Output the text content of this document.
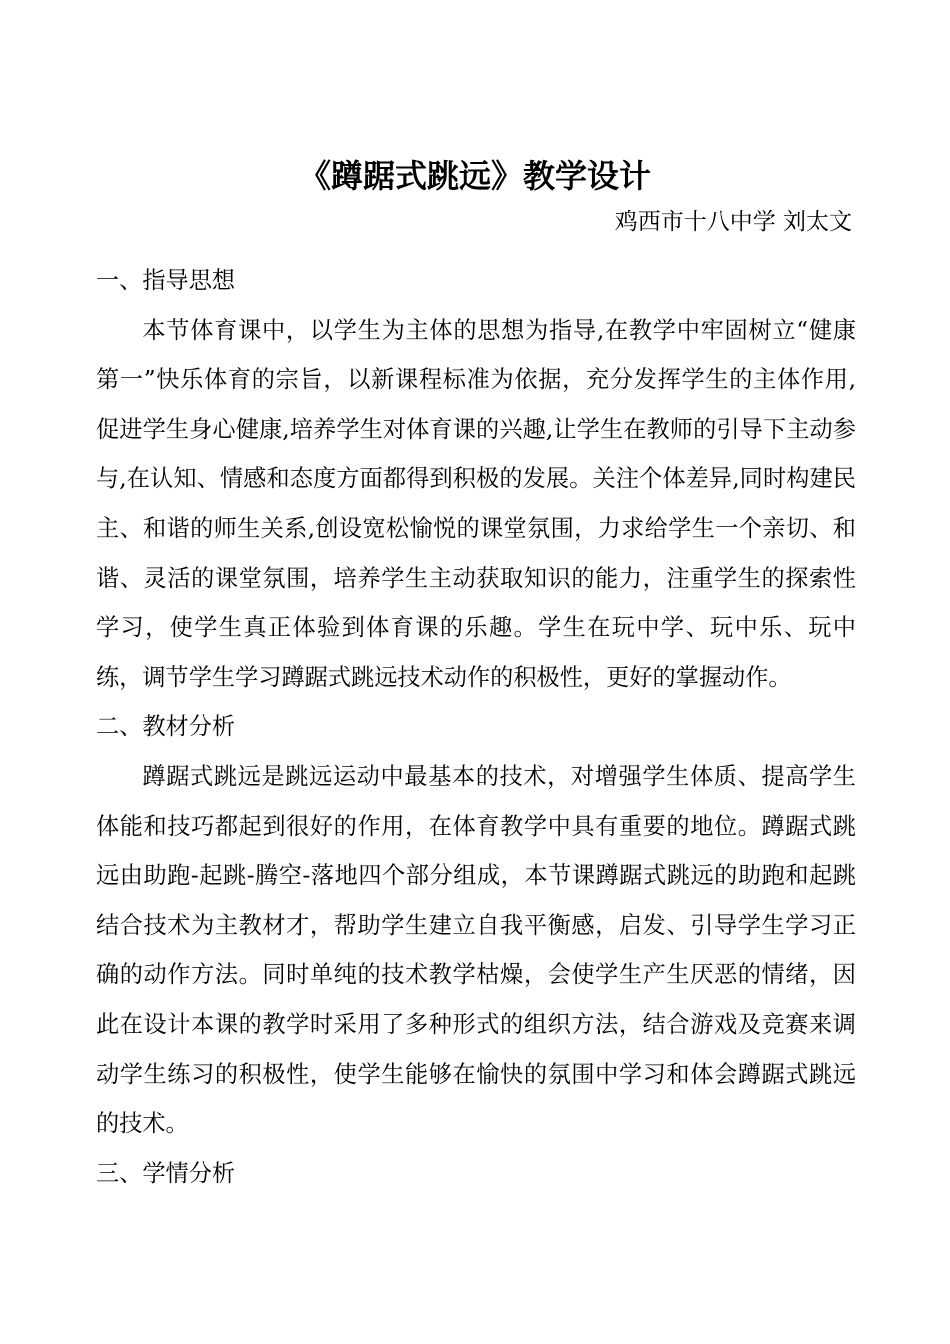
《蹲踞式跳远》教学设计
鸡西市十八中学 刘太文
一、指导思想

本节体育课中，以学生为主体的思想为指导,在教学中牢固树立“健康第一”快乐体育的宗旨，以新课程标准为依据，充分发挥学生的主体作用,促进学生身心健康,培养学生对体育课的兴趣,让学生在教师的引导下主动参与,在认知、情感和态度方面都得到积极的发展。关注个体差异,同时构建民主、和谐的师生关系,创设宽松愉悦的课堂氛围，力求给学生一个亲切、和谐、灵活的课堂氛围，培养学生主动获取知识的能力，注重学生的探索性学习，使学生真正体验到体育课的乐趣。学生在玩中学、玩中乐、玩中练，调节学生学习蹲踞式跳远技术动作的积极性，更好的掌握动作。

二、教材分析

蹲踞式跳远是跳远运动中最基本的技术，对增强学生体质、提高学生体能和技巧都起到很好的作用，在体育教学中具有重要的地位。蹲踞式跳远由助跑-起跳-腾空-落地四个部分组成，本节课蹲踞式跳远的助跑和起跳结合技术为主教材才，帮助学生建立自我平衡感，启发、引导学生学习正确的动作方法。同时单纯的技术教学枯燥，会使学生产生厌恶的情绪，因此在设计本课的教学时采用了多种形式的组织方法，结合游戏及竞赛来调动学生练习的积极性，使学生能够在愉快的氛围中学习和体会蹲踞式跳远的技术。

三、学情分析
